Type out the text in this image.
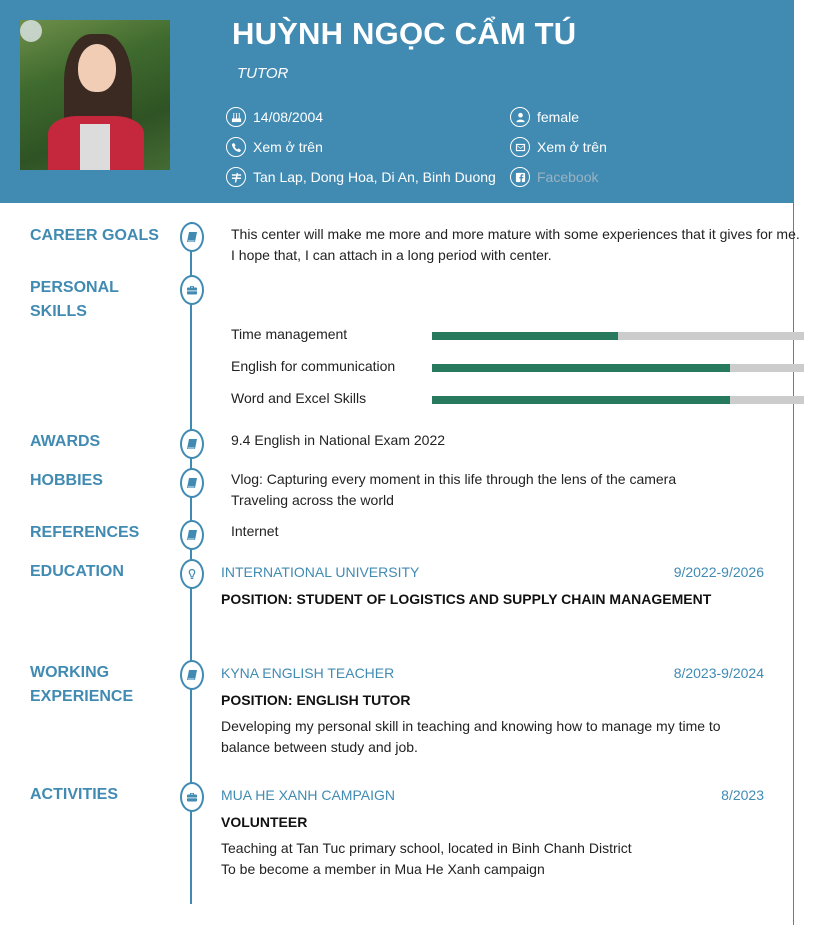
HUỲNH NGỌC CẨM TÚ
TUTOR
14/08/2004
Xem ở trên
Tan Lap, Dong Hoa, Di An, Binh Duong
female
Xem ở trên
Facebook
CAREER GOALS	This center will make me more and more mature with some experiences that it gives for me.
I hope that, I can attach in a long period with center.
PERSONAL
SKILLS
Time management
English for communication
Word and Excel Skills
AWARDS	9.4 English in National Exam 2022
HOBBIES	Vlog: Capturing every moment in this life through the lens of the camera
Traveling across the world
REFERENCES	Internet
EDUCATION	INTERNATIONAL UNIVERSITY	9/2022-9/2026
POSITION: STUDENT OF LOGISTICS AND SUPPLY CHAIN MANAGEMENT
WORKING
EXPERIENCE
KYNA ENGLISH TEACHER	8/2023-9/2024
POSITION: ENGLISH TUTOR
Developing my personal skill in teaching and knowing how to manage my time to
balance between study and job.
ACTIVITIES	MUA HE XANH CAMPAIGN	8/2023
VOLUNTEER
Teaching at Tan Tuc primary school, located in Binh Chanh District
To be become a member in Mua He Xanh campaign
